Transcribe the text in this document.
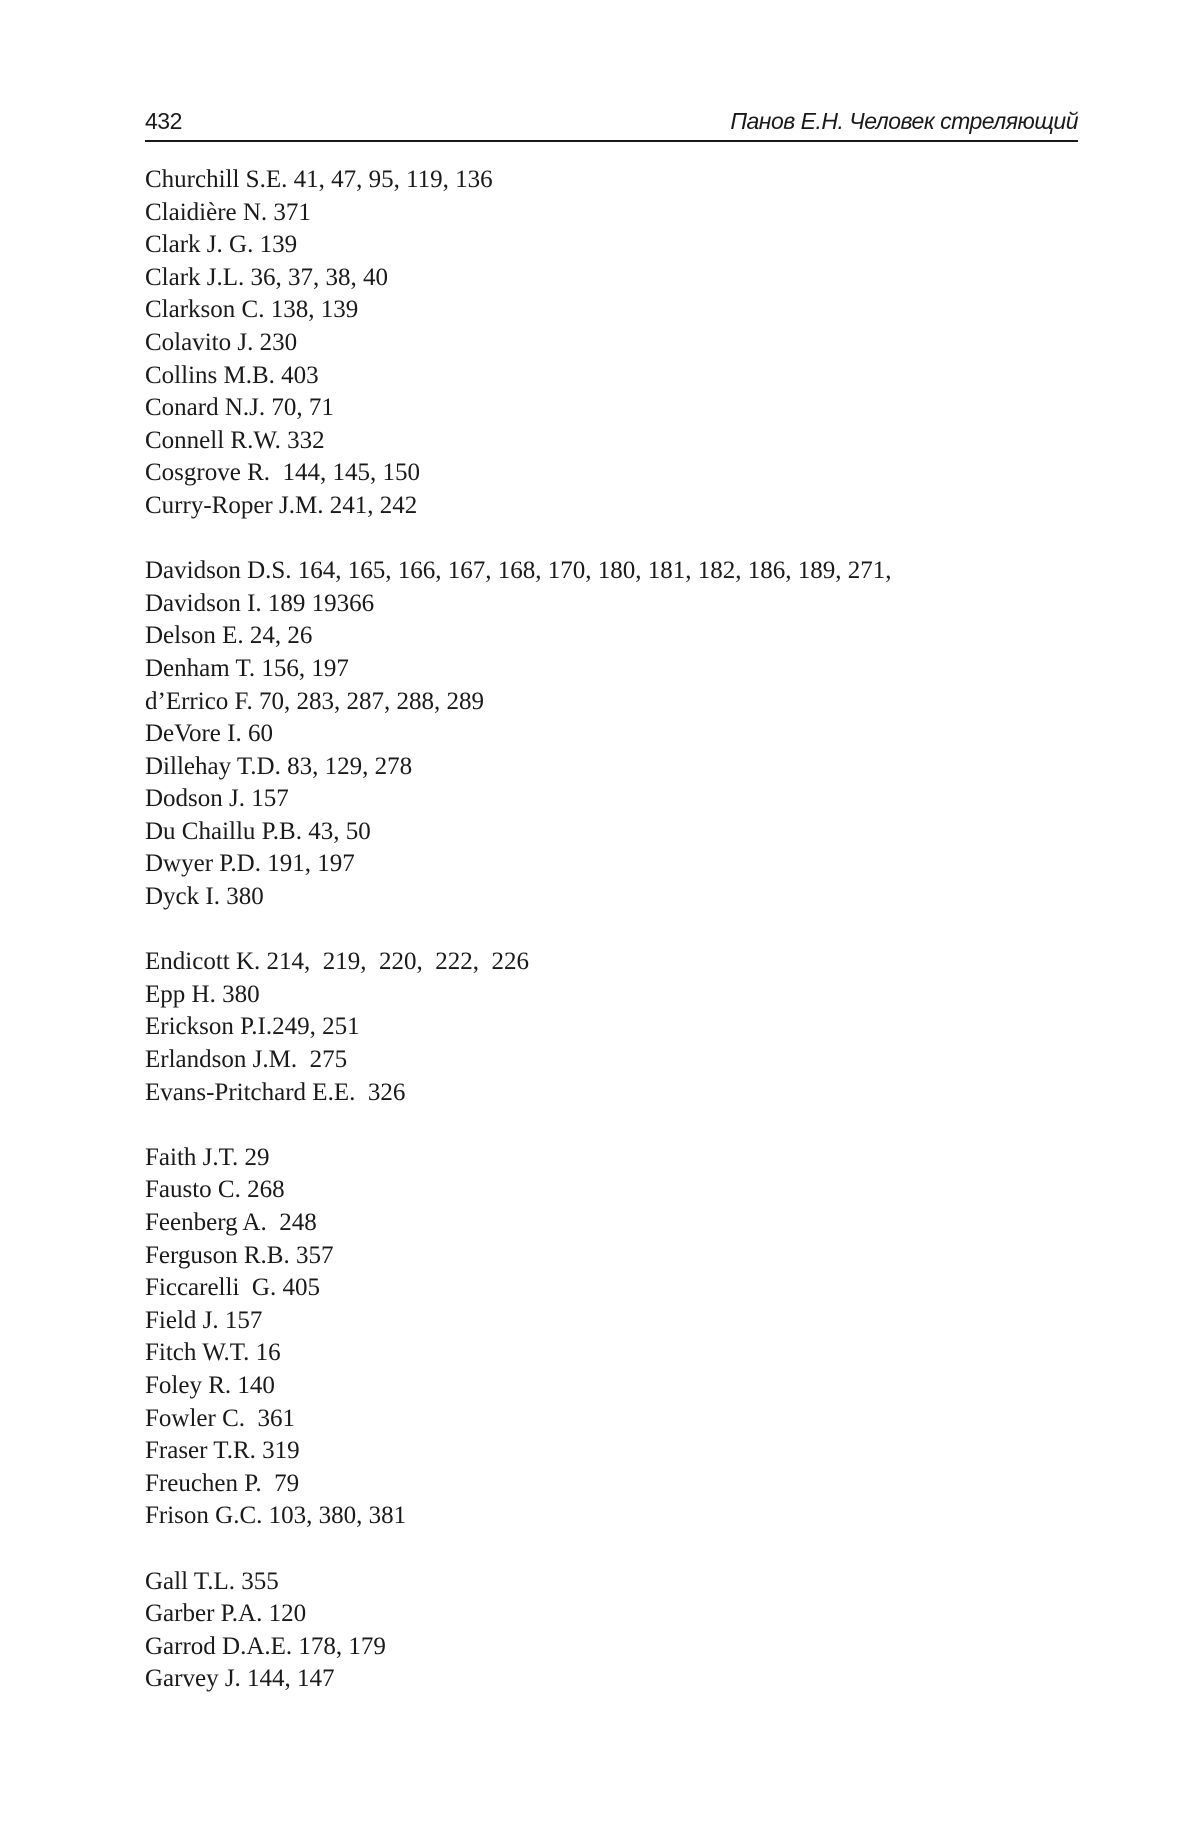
432	Панов Е.Н. Человек стреляющий
Churchill S.E. 41, 47, 95, 119, 136
Claidière N. 371
Clark J. G. 139
Clark J.L. 36, 37, 38, 40
Clarkson C. 138, 139
Colavito J. 230
Collins M.B. 403
Conard N.J. 70, 71
Connell R.W. 332
Cosgrove R.  144, 145, 150
Curry-Roper J.M. 241, 242
Davidson D.S. 164, 165, 166, 167, 168, 170, 180, 181, 182, 186, 189, 271,
Davidson I. 189 19366
Delson E. 24, 26
Denham T. 156, 197
d’Errico F. 70, 283, 287, 288, 289
DeVore I. 60
Dillehay T.D. 83, 129, 278
Dodson J. 157
Du Chaillu P.B. 43, 50
Dwyer P.D. 191, 197
Dyck I. 380
Endicott K. 214,  219,  220,  222,  226
Epp H. 380
Erickson P.I.249, 251
Erlandson J.M.  275
Evans-Pritchard E.E.  326
Faith J.T. 29
Fausto C. 268
Feenberg A.  248
Ferguson R.B. 357
Ficcarelli  G. 405
Field J. 157
Fitch W.T. 16
Foley R. 140
Fowler C.  361
Fraser T.R. 319
Freuchen P.  79
Frison G.C. 103, 380, 381
Gall T.L. 355
Garber P.A. 120
Garrod D.A.E. 178, 179
Garvey J. 144, 147
